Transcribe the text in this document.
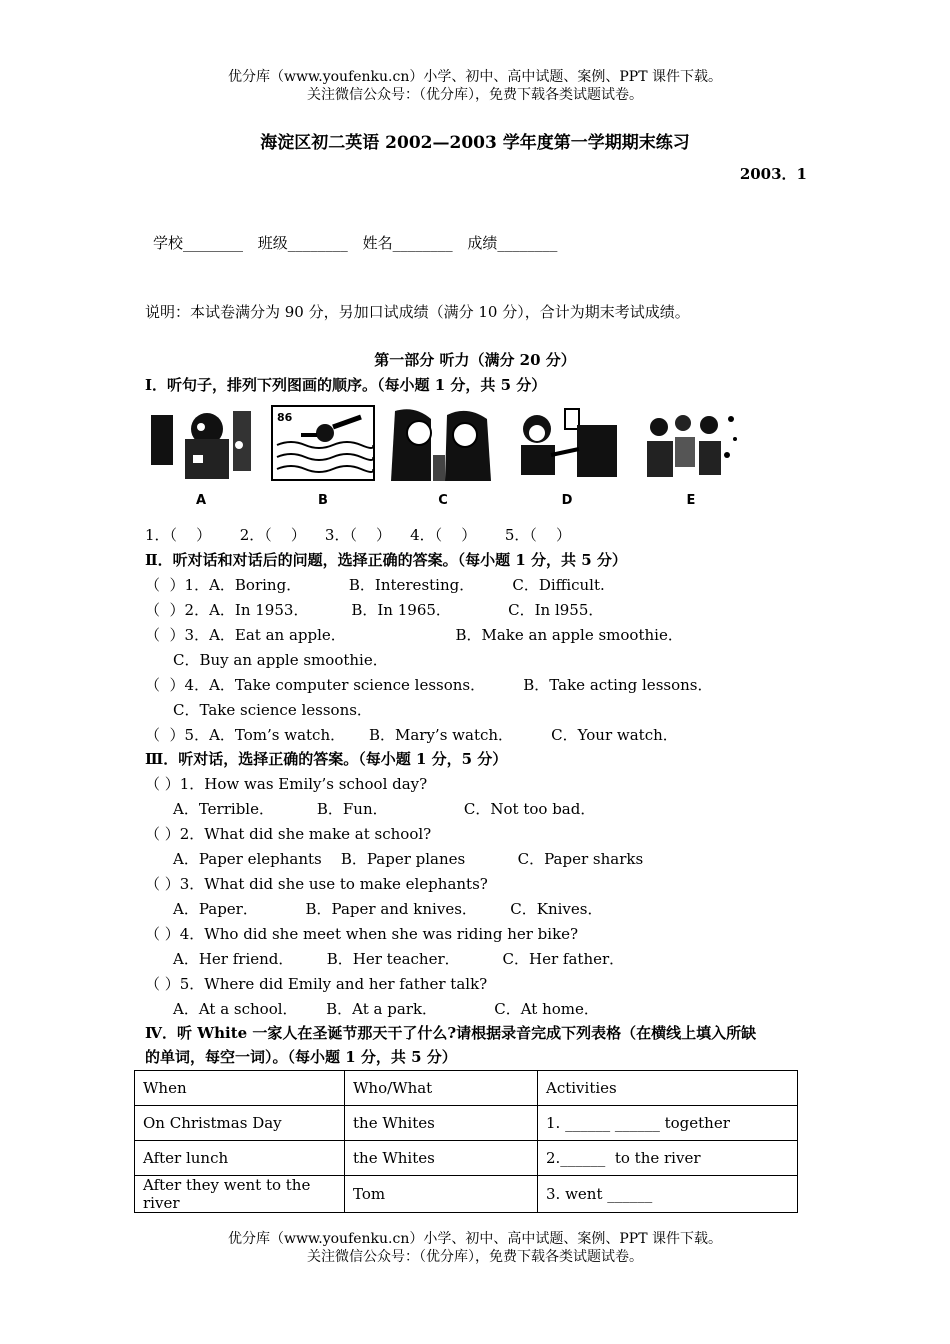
优分库（www.youfenku.cn）小学、初中、高中试题、案例、PPT 课件下载。
关注微信公众号：（优分库），免费下载各类试题试卷。
海淀区初二英语 2002—2003 学年度第一学期期末练习
2003．1
学校________ 班级________ 姓名________ 成绩________
说明：本试卷满分为 90 分，另加口试成绩（满分 10 分），合计为期末考试成绩。
第一部分 听力（满分 20 分）
Ⅰ．听句子，排列下列图画的顺序。（每小题 1 分，共 5 分）
86
A	B	C	D	E
1．（    ）      2．（    ）    3．（    ）    4．（    ）      5．（    ）
Ⅱ．听对话和对话后的问题，选择正确的答案。（每小题 1 分，共 5 分）
（  ）1．A．Boring．          B．Interesting．        C．Difficult.
（  ）2．A．In 1953．         B．In 1965．            C．In l955．
（  ）3．A．Eat an apple．                       B．Make an apple smoothie．
C．Buy an apple smoothie．
（  ）4．A．Take computer science lessons．        B．Take acting lessons．
C．Take science lessons．
（  ）5．A．Tom’s watch．     B．Mary’s watch．        C．Your watch．
Ⅲ．听对话，选择正确的答案。（每小题 1 分，5 分）
（ ）1．How was Emily’s school day?
A．Terrible．         B．Fun．                C．Not too bad．
（ ）2．What did she make at school?
A．Paper elephants    B．Paper planes           C．Paper sharks
（ ）3．What did she use to make elephants?
A．Paper．          B．Paper and knives．       C．Knives．
（ ）4．Who did she meet when she was riding her bike?
A．Her friend．       B．Her teacher．         C．Her father．
（ ）5．Where did Emily and her father talk?
A．At a school．      B．At a park．            C．At home．
Ⅳ．听 White 一家人在圣诞节那天干了什么?请根据录音完成下列表格（在横线上填入所缺
的单词，每空一词）。（每小题 1 分，共 5 分）
When	Who/What	Activities
On Christmas Day	the Whites	1. ______ ______ together
After lunch	the Whites	2.______  to the river
After they went to the river	Tom	3. went ______
优分库（www.youfenku.cn）小学、初中、高中试题、案例、PPT 课件下载。
关注微信公众号：（优分库），免费下载各类试题试卷。
